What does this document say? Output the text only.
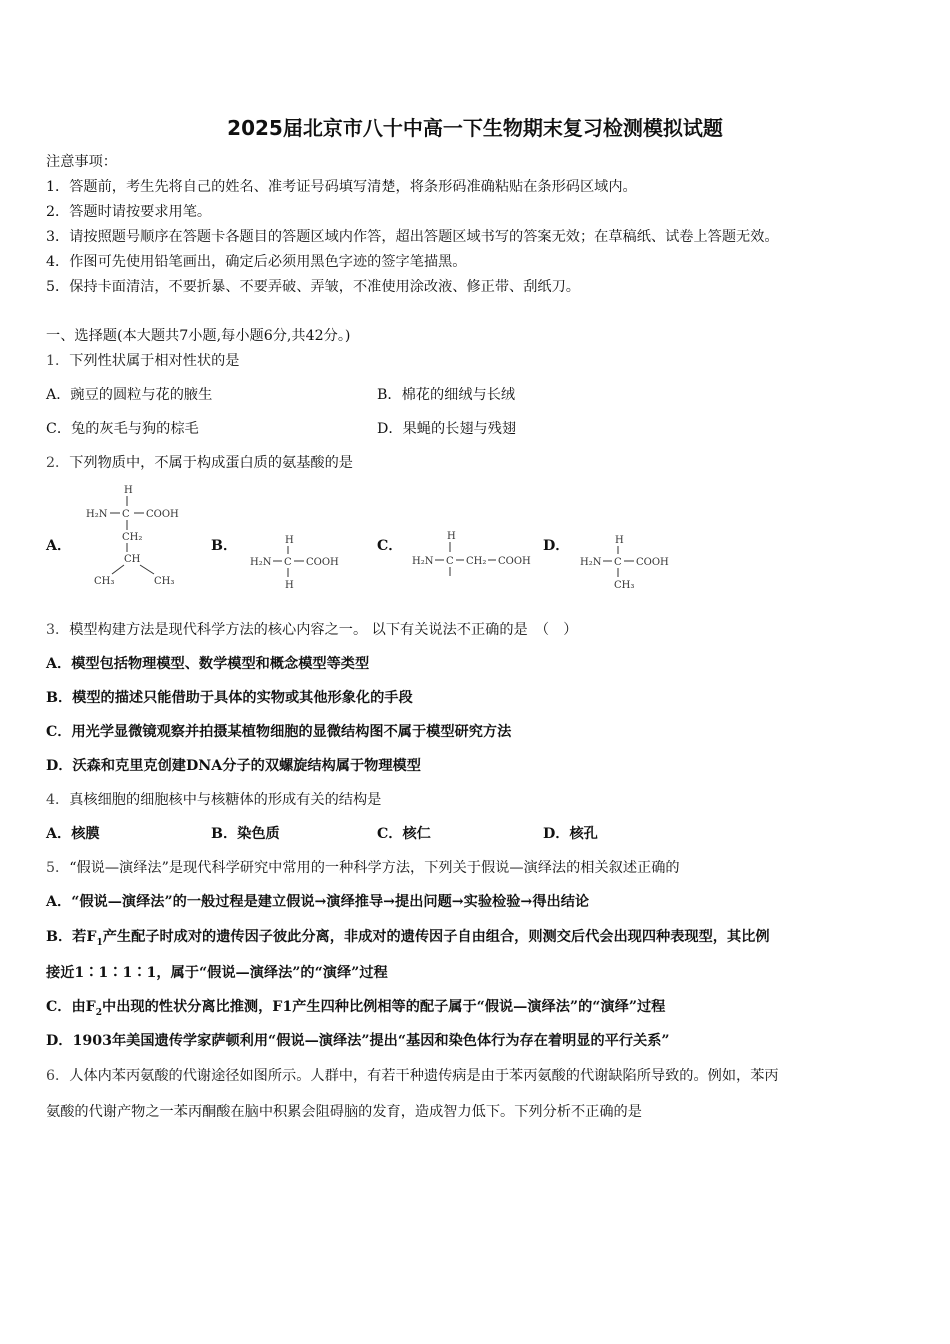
2025届北京市八十中高一下生物期末复习检测模拟试题
注意事项：
1．答题前，考生先将自己的姓名、准考证号码填写清楚，将条形码准确粘贴在条形码区域内。
2．答题时请按要求用笔。
3．请按照题号顺序在答题卡各题目的答题区域内作答，超出答题区域书写的答案无效；在草稿纸、试卷上答题无效。
4．作图可先使用铅笔画出，确定后必须用黑色字迹的签字笔描黑。
5．保持卡面清洁，不要折暴、不要弄破、弄皱，不准使用涂改液、修正带、刮纸刀。
一、选择题(本大题共7小题,每小题6分,共42分。)
1．下列性状属于相对性状的是
A．豌豆的圆粒与花的腋生	B．棉花的细绒与长绒
C．兔的灰毛与狗的棕毛	D．果蝇的长翅与残翅
2．下列物质中，不属于构成蛋白质的氨基酸的是
A．
H
H₂N C COOH
CH₂
CH
CH₃	CH₃
B．	H
H₂N C COOH
H
C．
H
H₂N C CH₂ COOH
D．	H
H₂N C COOH
CH₃
3．模型构建方法是现代科学方法的核心内容之一。 以下有关说法不正确的是　（　）
A．模型包括物理模型、数学模型和概念模型等类型
B．模型的描述只能借助于具体的实物或其他形象化的手段
C．用光学显微镜观察并拍摄某植物细胞的显微结构图不属于模型研究方法
D．沃森和克里克创建DNA分子的双螺旋结构属于物理模型
4．真核细胞的细胞核中与核糖体的形成有关的结构是
A．核膜	B．染色质	C．核仁	D．核孔
5．“假说—演绎法”是现代科学研究中常用的一种科学方法，下列关于假说—演绎法的相关叙述正确的
A．“假说—演绎法”的一般过程是建立假说→演绎推导→提出问题→实验检验→得出结论
B．若$F_1$产生配子时成对的遗传因子彼此分离，非成对的遗传因子自由组合，则测交后代会出现四种表现型，其比例
接近1∶1∶1∶1，属于“假说—演绎法”的“演绎”过程
C．由$F_2$中出现的性状分离比推测，F1产生四种比例相等的配子属于“假说—演绎法”的“演绎”过程
D．1903年美国遗传学家萨顿利用“假说—演绎法”提出“基因和染色体行为存在着明显的平行关系”
6．人体内苯丙氨酸的代谢途径如图所示。人群中，有若干种遗传病是由于苯丙氨酸的代谢缺陷所导致的。例如，苯丙
氨酸的代谢产物之一苯丙酮酸在脑中积累会阻碍脑的发育，造成智力低下。下列分析不正确的是
